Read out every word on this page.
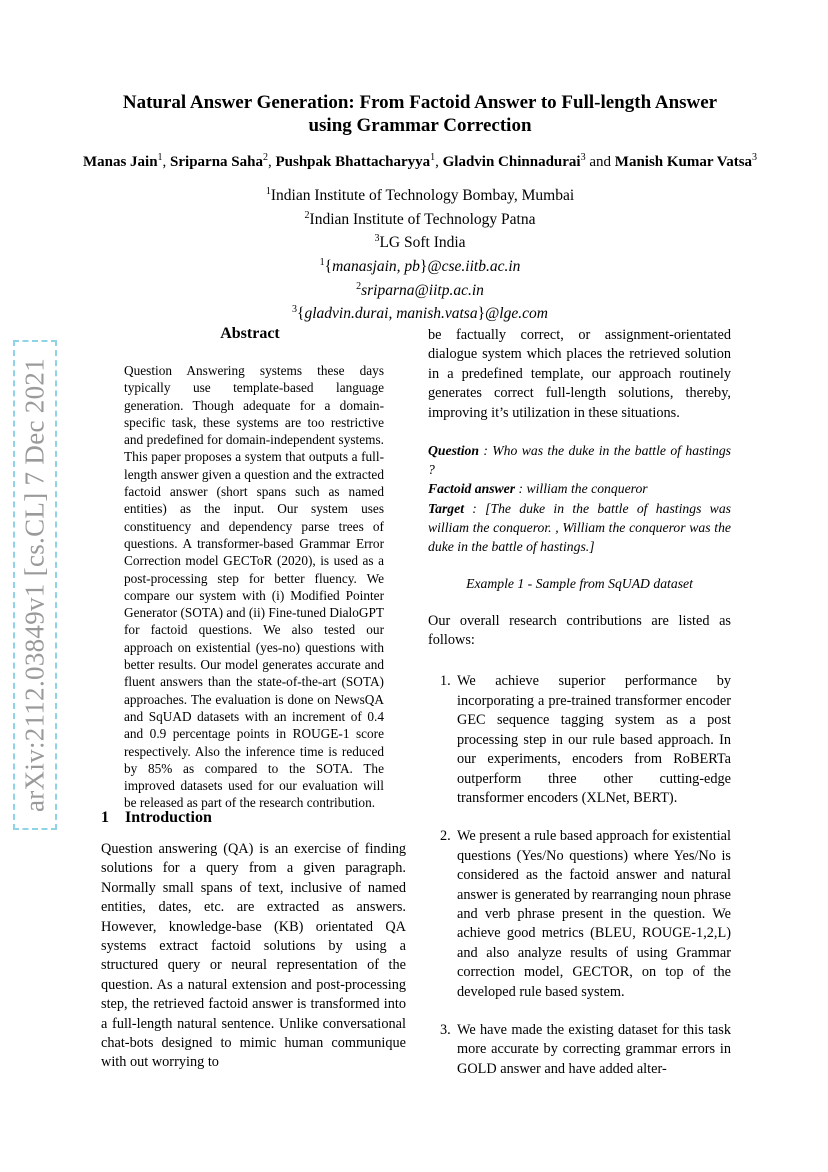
arXiv:2112.03849v1 [cs.CL] 7 Dec 2021
Natural Answer Generation: From Factoid Answer to Full-length Answer
using Grammar Correction
Manas Jain$^1$, Sriparna Saha$^2$, Pushpak Bhattacharyya$^1$, Gladvin Chinnadurai$^3$ and Manish Kumar Vatsa$^3$
$^1$Indian Institute of Technology Bombay, Mumbai
$^2$Indian Institute of Technology Patna
$^3$LG Soft India
$^1${manasjain, pb}@cse.iitb.ac.in
$^2$sriparna@iitp.ac.in
$^3${gladvin.durai, manish.vatsa}@lge.com
Abstract

Question Answering systems these days typically use template-based language generation. Though adequate for a domain-specific task, these systems are too restrictive and predefined for domain-independent systems. This paper proposes a system that outputs a full-length answer given a question and the extracted factoid answer (short spans such as named entities) as the input. Our system uses constituency and dependency parse trees of questions. A transformer-based Grammar Error Correction model GECToR (2020), is used as a post-processing step for better fluency. We compare our system with (i) Modified Pointer Generator (SOTA) and (ii) Fine-tuned DialoGPT for factoid questions. We also tested our approach on existential (yes-no) questions with better results. Our model generates accurate and fluent answers than the state-of-the-art (SOTA) approaches. The evaluation is done on NewsQA and SqUAD datasets with an increment of 0.4 and 0.9 percentage points in ROUGE-1 score respectively. Also the inference time is reduced by 85% as compared to the SOTA. The improved datasets used for our evaluation will be released as part of the research contribution.

1 Introduction

Question answering (QA) is an exercise of finding solutions for a query from a given paragraph. Normally small spans of text, inclusive of named entities, dates, etc. are extracted as answers. However, knowledge-base (KB) orientated QA systems extract factoid solutions by using a structured query or neural representation of the question. As a natural extension and post-processing step, the retrieved factoid answer is transformed into a full-length natural sentence. Unlike conversational chat-bots designed to mimic human communique with out worrying to

be factually correct, or assignment-orientated dialogue system which places the retrieved solution in a predefined template, our approach routinely generates correct full-length solutions, thereby, improving it’s utilization in these situations.

Question : Who was the duke in the battle of hastings ?
Factoid answer : william the conqueror
Target : [The duke in the battle of hastings was william the conqueror. , William the conqueror was the duke in the battle of hastings.]

Example 1 - Sample from SqUAD dataset

Our overall research contributions are listed as follows:

1. We achieve superior performance by incorporating a pre-trained transformer encoder GEC sequence tagging system as a post processing step in our rule based approach. In our experiments, encoders from RoBERTa outperform three other cutting-edge transformer encoders (XLNet, BERT).
2. We present a rule based approach for existential questions (Yes/No questions) where Yes/No is considered as the factoid answer and natural answer is generated by rearranging noun phrase and verb phrase present in the question. We achieve good metrics (BLEU, ROUGE-1,2,L) and also analyze results of using Grammar correction model, GECTOR, on top of the developed rule based system.
3. We have made the existing dataset for this task more accurate by correcting grammar errors in GOLD answer and have added alter-
